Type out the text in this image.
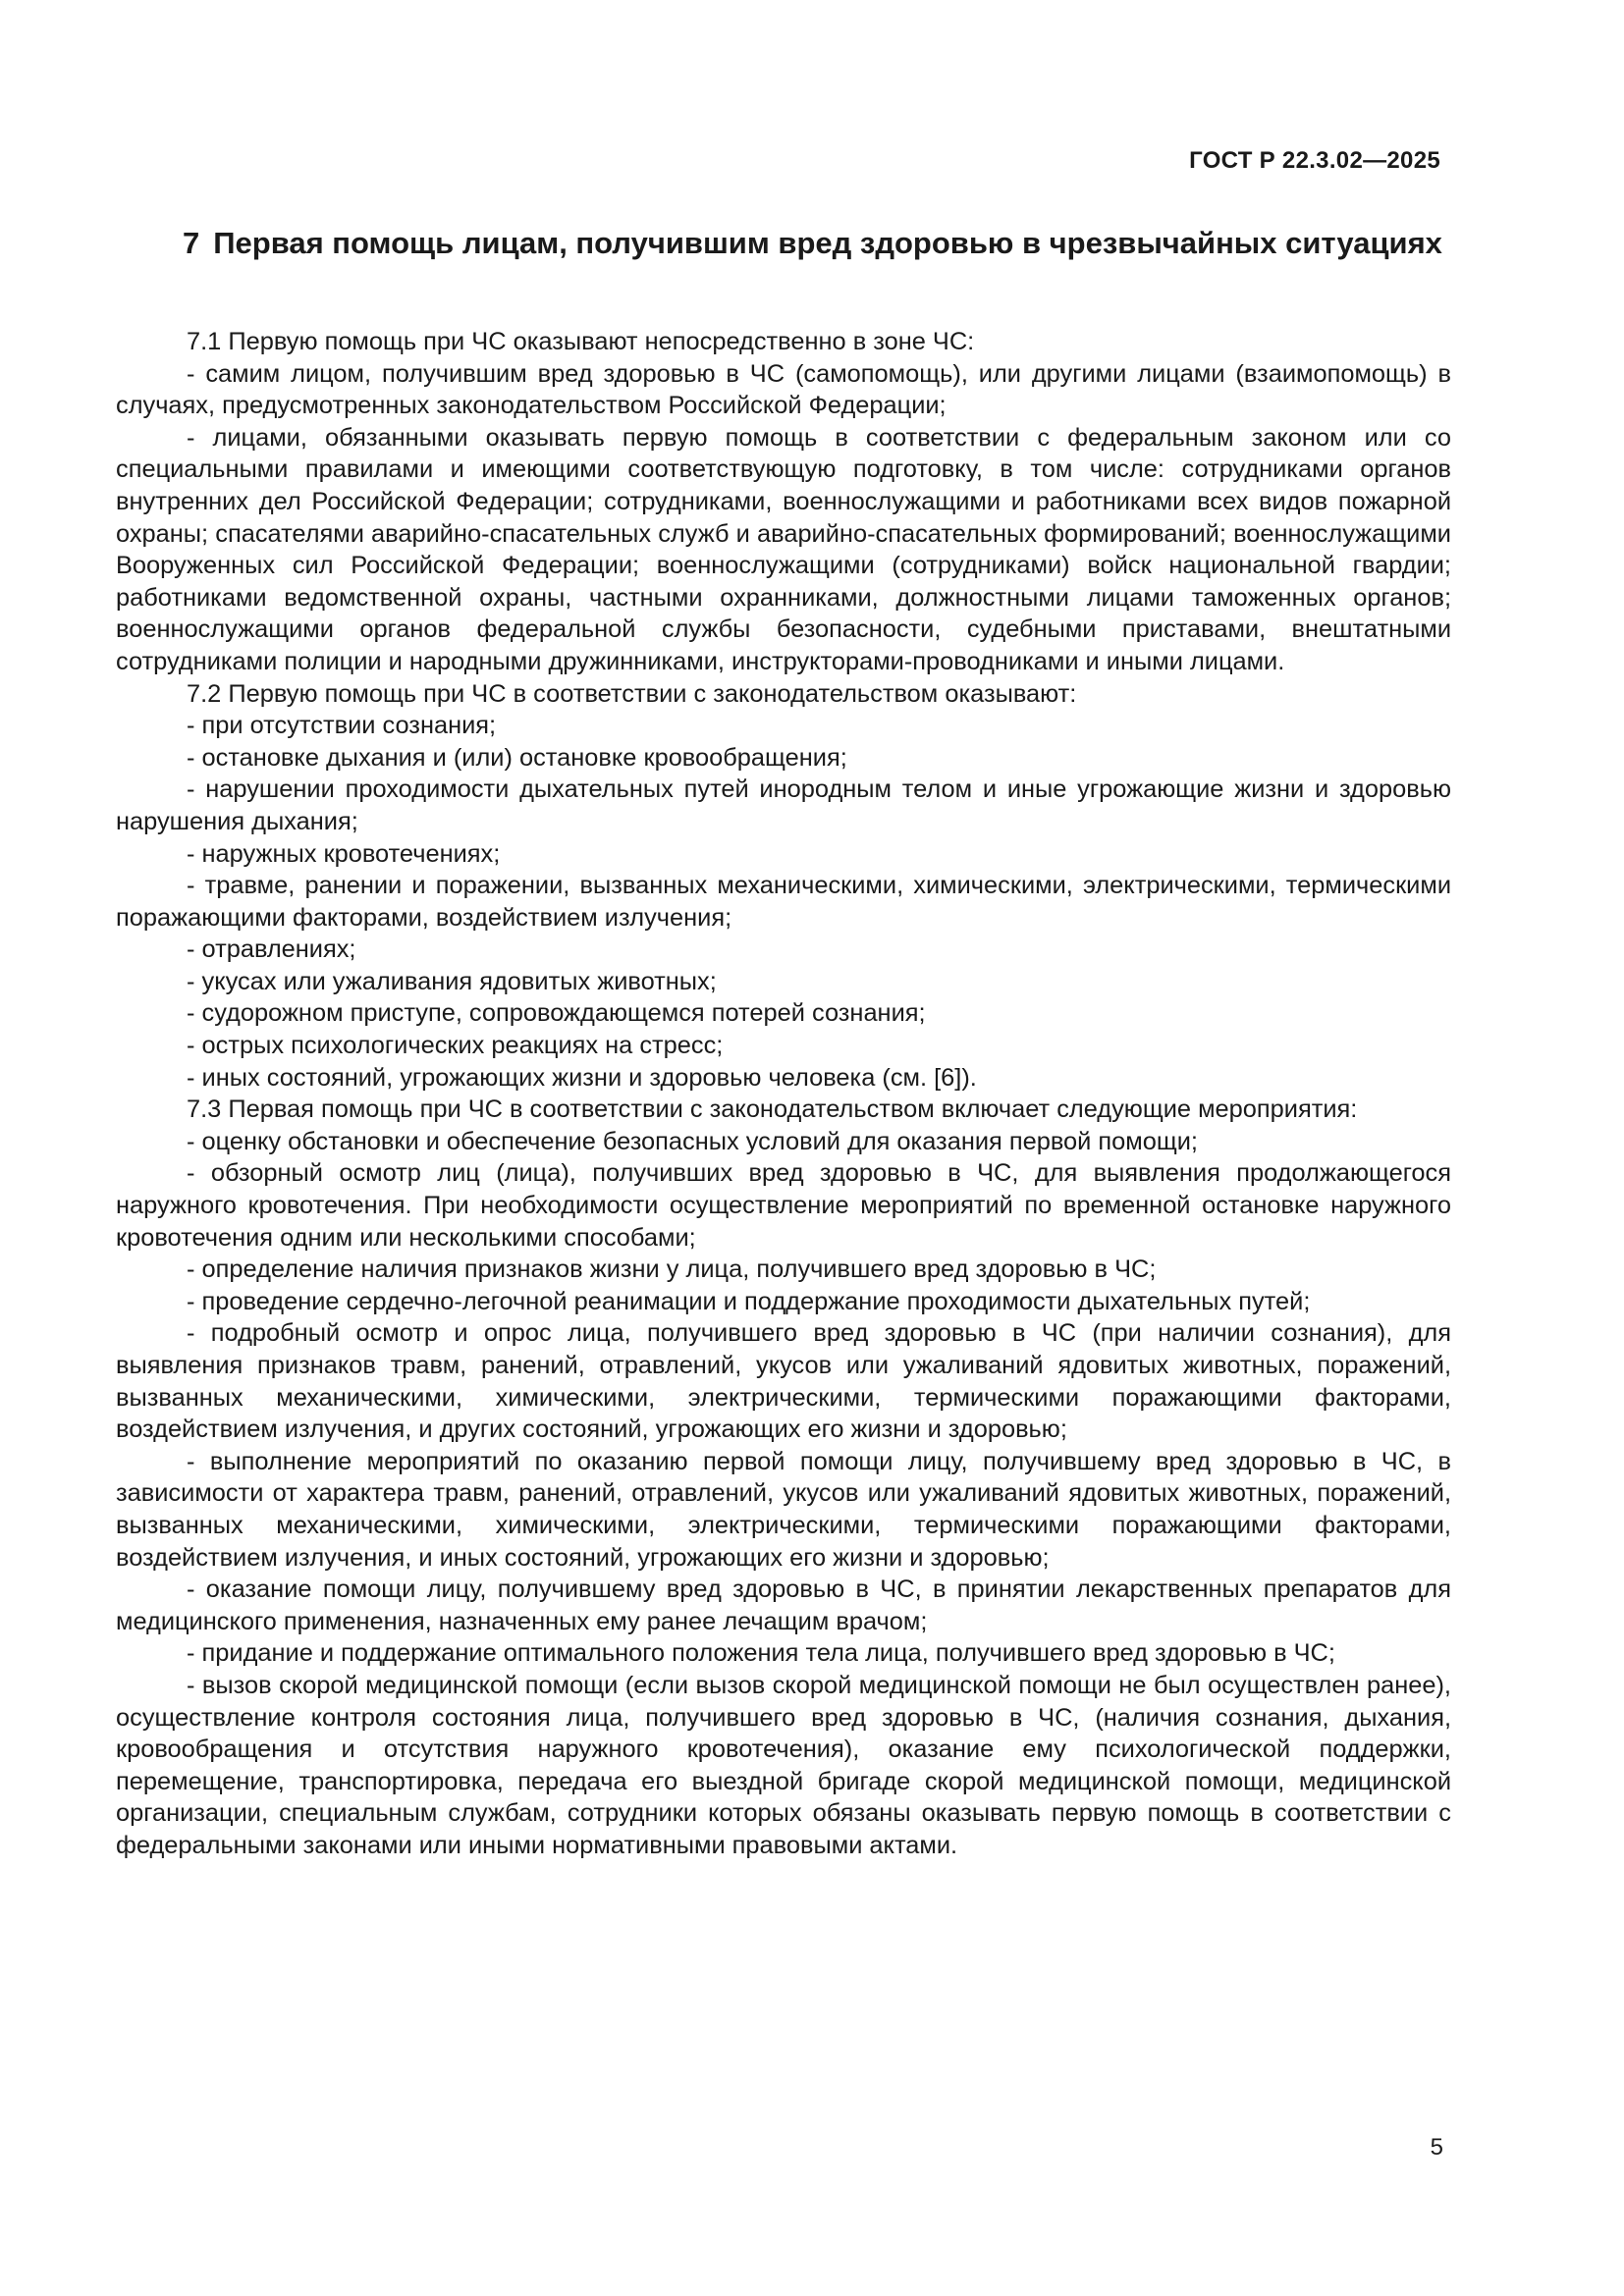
ГОСТ Р 22.3.02—2025
7 Первая помощь лицам, получившим вред здоровью в чрезвычайных ситуациях

7.1 Первую помощь при ЧС оказывают непосредственно в зоне ЧС:

- самим лицом, получившим вред здоровью в ЧС (самопомощь), или другими лицами (взаимопомощь) в случаях, предусмотренных законодательством Российской Федерации;

- лицами, обязанными оказывать первую помощь в соответствии с федеральным законом или со специальными правилами и имеющими соответствующую подготовку, в том числе: сотрудниками органов внутренних дел Российской Федерации; сотрудниками, военнослужащими и работниками всех видов пожарной охраны; спасателями аварийно-спасательных служб и аварийно-спасательных формирований; военнослужащими Вооруженных сил Российской Федерации; военнослужащими (сотрудниками) войск национальной гвардии; работниками ведомственной охраны, частными охранниками, должностными лицами таможенных органов; военнослужащими органов федеральной службы безопасности, судебными приставами, внештатными сотрудниками полиции и народными дружинниками, инструкторами-проводниками и иными лицами.

7.2 Первую помощь при ЧС в соответствии с законодательством оказывают:

- при отсутствии сознания;

- остановке дыхания и (или) остановке кровообращения;

- нарушении проходимости дыхательных путей инородным телом и иные угрожающие жизни и здоровью нарушения дыхания;

- наружных кровотечениях;

- травме, ранении и поражении, вызванных механическими, химическими, электрическими, термическими поражающими факторами, воздействием излучения;

- отравлениях;

- укусах или ужаливания ядовитых животных;

- судорожном приступе, сопровождающемся потерей сознания;

- острых психологических реакциях на стресс;

- иных состояний, угрожающих жизни и здоровью человека (см. [6]).

7.3 Первая помощь при ЧС в соответствии с законодательством включает следующие мероприятия:

- оценку обстановки и обеспечение безопасных условий для оказания первой помощи;

- обзорный осмотр лиц (лица), получивших вред здоровью в ЧС, для выявления продолжающегося наружного кровотечения. При необходимости осуществление мероприятий по временной остановке наружного кровотечения одним или несколькими способами;

- определение наличия признаков жизни у лица, получившего вред здоровью в ЧС;

- проведение сердечно-легочной реанимации и поддержание проходимости дыхательных путей;

- подробный осмотр и опрос лица, получившего вред здоровью в ЧС (при наличии сознания), для выявления признаков травм, ранений, отравлений, укусов или ужаливаний ядовитых животных, поражений, вызванных механическими, химическими, электрическими, термическими поражающими факторами, воздействием излучения, и других состояний, угрожающих его жизни и здоровью;

- выполнение мероприятий по оказанию первой помощи лицу, получившему вред здоровью в ЧС, в зависимости от характера травм, ранений, отравлений, укусов или ужаливаний ядовитых животных, поражений, вызванных механическими, химическими, электрическими, термическими поражающими факторами, воздействием излучения, и иных состояний, угрожающих его жизни и здоровью;

- оказание помощи лицу, получившему вред здоровью в ЧС, в принятии лекарственных препаратов для медицинского применения, назначенных ему ранее лечащим врачом;

- придание и поддержание оптимального положения тела лица, получившего вред здоровью в ЧС;

- вызов скорой медицинской помощи (если вызов скорой медицинской помощи не был осуществлен ранее), осуществление контроля состояния лица, получившего вред здоровью в ЧС, (наличия сознания, дыхания, кровообращения и отсутствия наружного кровотечения), оказание ему психологической поддержки, перемещение, транспортировка, передача его выездной бригаде скорой медицинской помощи, медицинской организации, специальным службам, сотрудники которых обязаны оказывать первую помощь в соответствии с федеральными законами или иными нормативными правовыми актами.

5
